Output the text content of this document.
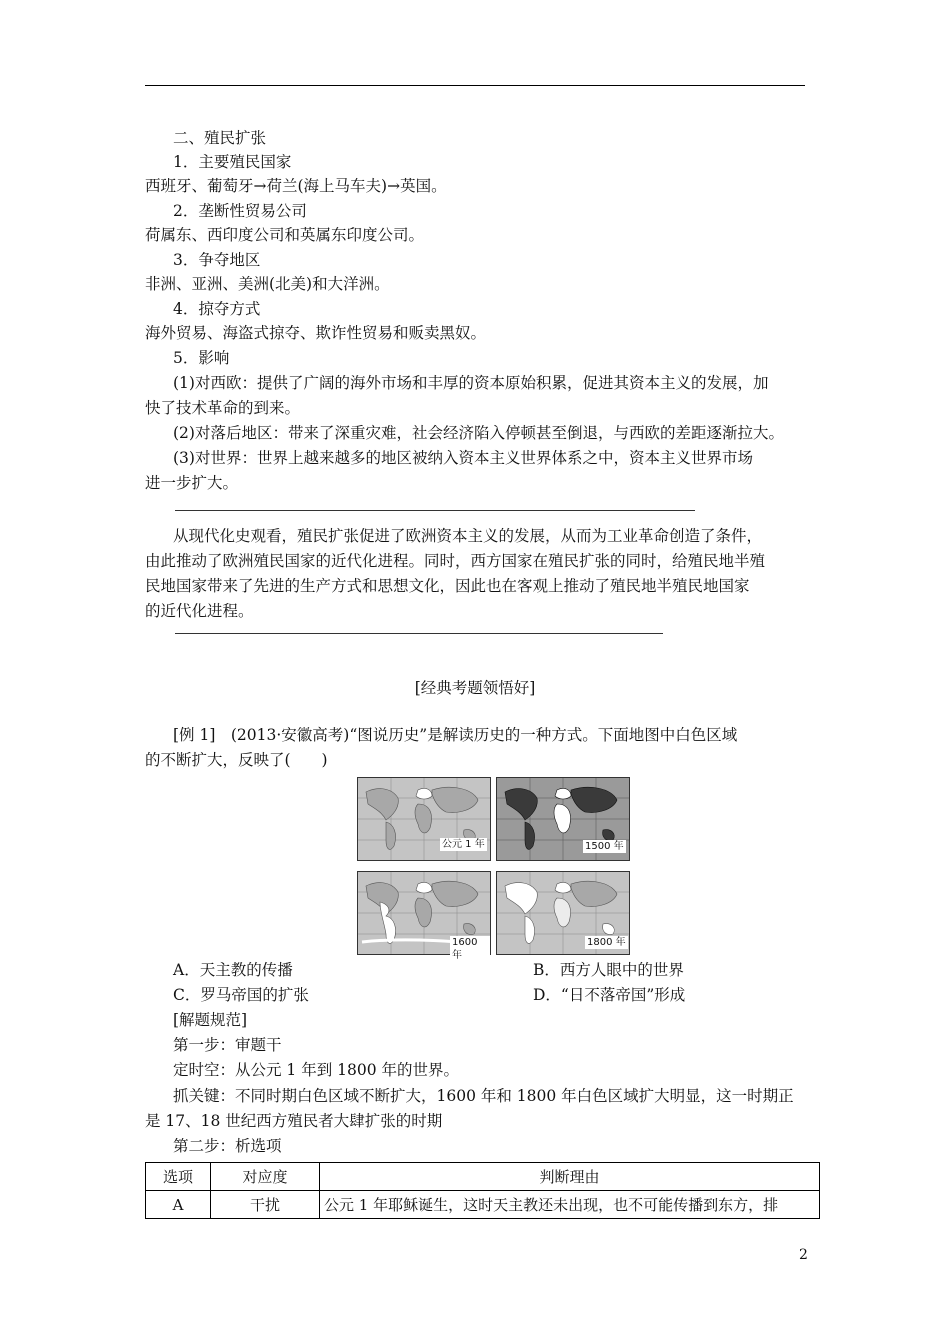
二、殖民扩张
1．主要殖民国家
西班牙、葡萄牙→荷兰(海上马车夫)→英国。
2．垄断性贸易公司
荷属东、西印度公司和英属东印度公司。
3．争夺地区
非洲、亚洲、美洲(北美)和大洋洲。
4．掠夺方式
海外贸易、海盗式掠夺、欺诈性贸易和贩卖黑奴。
5．影响
(1)对西欧：提供了广阔的海外市场和丰厚的资本原始积累，促进其资本主义的发展，加
快了技术革命的到来。
(2)对落后地区：带来了深重灾难，社会经济陷入停顿甚至倒退，与西欧的差距逐渐拉大。
(3)对世界：世界上越来越多的地区被纳入资本主义世界体系之中，资本主义世界市场
进一步扩大。
从现代化史观看，殖民扩张促进了欧洲资本主义的发展，从而为工业革命创造了条件，
由此推动了欧洲殖民国家的近代化进程。同时，西方国家在殖民扩张的同时，给殖民地半殖
民地国家带来了先进的生产方式和思想文化，因此也在客观上推动了殖民地半殖民地国家
的近代化进程。
[经典考题领悟好]
[例 1]　(2013·安徽高考)“图说历史”是解读历史的一种方式。下面地图中白色区域
的不断扩大，反映了(　　)
公元 1 年	1500 年
1600 年
1800 年
A．天主教的传播	B．西方人眼中的世界
C．罗马帝国的扩张	D．“日不落帝国”形成
[解题规范]
第一步：审题干
定时空：从公元 1 年到 1800 年的世界。
抓关键：不同时期白色区域不断扩大，1600 年和 1800 年白色区域扩大明显，这一时期正
是 17、18 世纪西方殖民者大肆扩张的时期
第二步：析选项
选项	对应度	判断理由
A	干扰	公元 1 年耶稣诞生，这时天主教还未出现，也不可能传播到东方，排
2
